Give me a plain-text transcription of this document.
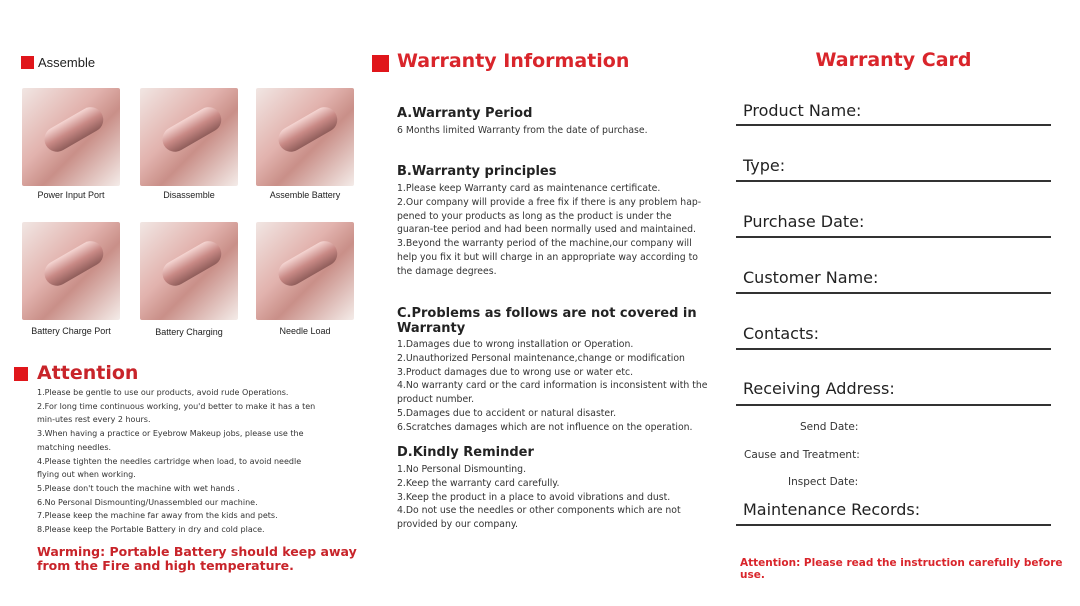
Assemble
Power Input Port	Disassemble	Assemble Battery
Battery Charge Port	Battery Charging	Needle Load
Attention
1.Please be gentle to use our products, avoid rude Operations.
2.For long time continuous working, you'd better to make it has a ten min-utes rest every 2 hours.
3.When having a practice or Eyebrow Makeup jobs, please use the matching needles.
4.Please tighten the needles cartridge when load, to avoid needle flying out when working.
5.Please don't touch the machine with wet hands .
6.No Personal Dismounting/Unassembled our machine.
7.Please keep the machine far away from the kids and pets.
8.Please keep the Portable Battery in dry and cold place.
Warming: Portable Battery should keep away from the Fire and high temperature.
Warranty Information
A.Warranty Period
6 Months limited Warranty from the date of purchase.
B.Warranty principles
1.Please keep Warranty card as maintenance certificate.
2.Our company will provide a free fix if there is any problem hap-pened to your products as long as the product is under the guaran-tee period and had been normally used and maintained.
3.Beyond the warranty period of the machine,our company will help you fix it but will charge in an appropriate way according to the damage degrees.
C.Problems as follows are not covered in Warranty
1.Damages due to wrong installation or Operation.
2.Unauthorized Personal maintenance,change or modification
3.Product damages due to wrong use or water etc.
4.No warranty card or the card information is inconsistent with the product number.
5.Damages due to accident or natural disaster.
6.Scratches damages which are not influence on the operation.
D.Kindly Reminder
1.No Personal Dismounting.
2.Keep the warranty card carefully.
3.Keep the product in a place to avoid vibrations and dust.
4.Do not use the needles or other components which are not provided by our company.
Warranty Card
Product Name:
Type:
Purchase Date:
Customer Name:
Contacts:
Receiving Address:
Send Date:
Cause and Treatment:
Inspect Date:
Maintenance Records:
Attention: Please read the instruction carefully before use.
